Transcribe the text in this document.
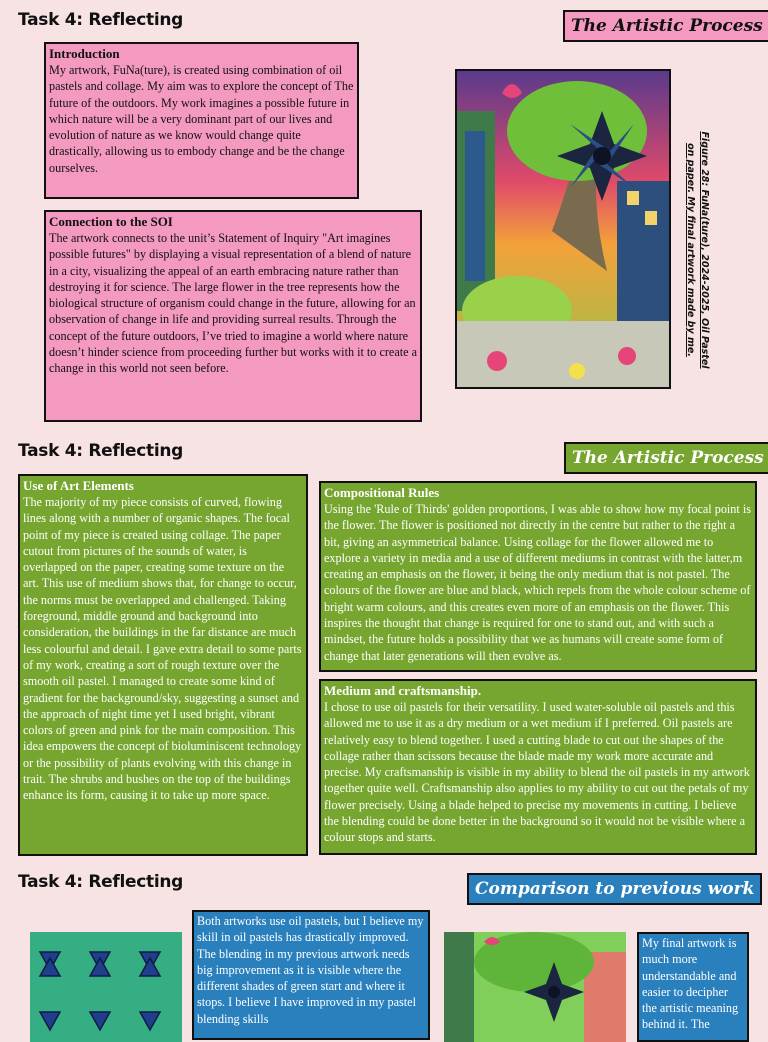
Task 4: Reflecting	The Artistic Process
Introduction

My artwork, FuNa(ture), is created using combination of oil pastels and collage. My aim was to explore the concept of The future of the outdoors. My work imagines a possible future in which nature will be a very dominant part of our lives and evolution of nature as we know would change quite drastically, allowing us to embody change and be the change ourselves.

Connection to the SOI

The artwork connects to the unit’s Statement of Inquiry "Art imagines possible futures" by displaying a visual representation of a blend of nature in a city, visualizing the appeal of an earth embracing nature rather than destroying it for science. The large flower in the tree represents how the biological structure of organism could change in the future, allowing for an observation of change in life and providing surreal results. Through the concept of the future outdoors, I’ve tried to imagine a world where nature doesn’t hinder science from proceeding further but works with it to create a change in this world not seen before.	Figure 28: FuNa(ture), 2024-2025, Oil Pastel
on paper. My final artwork made by me.
Task 4: Reflecting	The Artistic Process
Use of Art Elements

The majority of my piece consists of curved, flowing lines along with a number of organic shapes. The focal point of my piece is created using collage. The paper cutout from pictures of the sounds of water, is overlapped on the paper, creating some texture on the art. This use of medium shows that, for change to occur, the norms must be overlapped and challenged. Taking foreground, middle ground and background into consideration, the buildings in the far distance are much less colourful and detail. I gave extra detail to some parts of my work, creating a sort of rough texture over the smooth oil pastel. I managed to create some kind of gradient for the background/sky, suggesting a sunset and the approach of night time yet I used bright, vibrant colors of green and pink for the main composition. This idea empowers the concept of bioluminiscent technology or the possibility of plants evolving with this change in trait. The shrubs and bushes on the top of the buildings enhance its form, causing it to take up more space.

Compositional Rules

Using the 'Rule of Thirds' golden proportions, I was able to show how my focal point is the flower. The flower is positioned not directly in the centre but rather to the right a bit, giving an asymmetrical balance. Using collage for the flower allowed me to explore a variety in media and a use of different mediums in contrast with the latter,m creating an emphasis on the flower, it being the only medium that is not pastel. The colours of the flower are blue and black, which repels from the whole colour scheme of bright warm colours, and this creates even more of an emphasis on the flower. This inspires the thought that change is required for one to stand out, and with such a mindset, the future holds a possibility that we as humans will create some form of change that later generations will then evolve as.

Medium and craftsmanship.

I chose to use oil pastels for their versatility. I used water-soluble oil pastels and this allowed me to use it as a dry medium or a wet medium if I preferred. Oil pastels are relatively easy to blend together. I used a cutting blade to cut out the shapes of the collage rather than scissors because the blade made my work more accurate and precise. My craftsmanship is visible in my ability to blend the oil pastels in my artwork together quite well. Craftsmanship also applies to my ability to cut out the petals of my flower precisely. Using a blade helped to precise my movements in cutting. I believe the blending could be done better in the background so it would not be visible where a colour stops and starts.

Task 4: Reflecting	Comparison to previous work

Both artworks use oil pastels, but I believe my skill in oil pastels has drastically improved. The blending in my previous artwork needs big improvement as it is visible where the different shades of green start and where it stops. I believe I have improved in my pastel blending skills

My final artwork is much more understandable and easier to decipher the artistic meaning behind it. The
